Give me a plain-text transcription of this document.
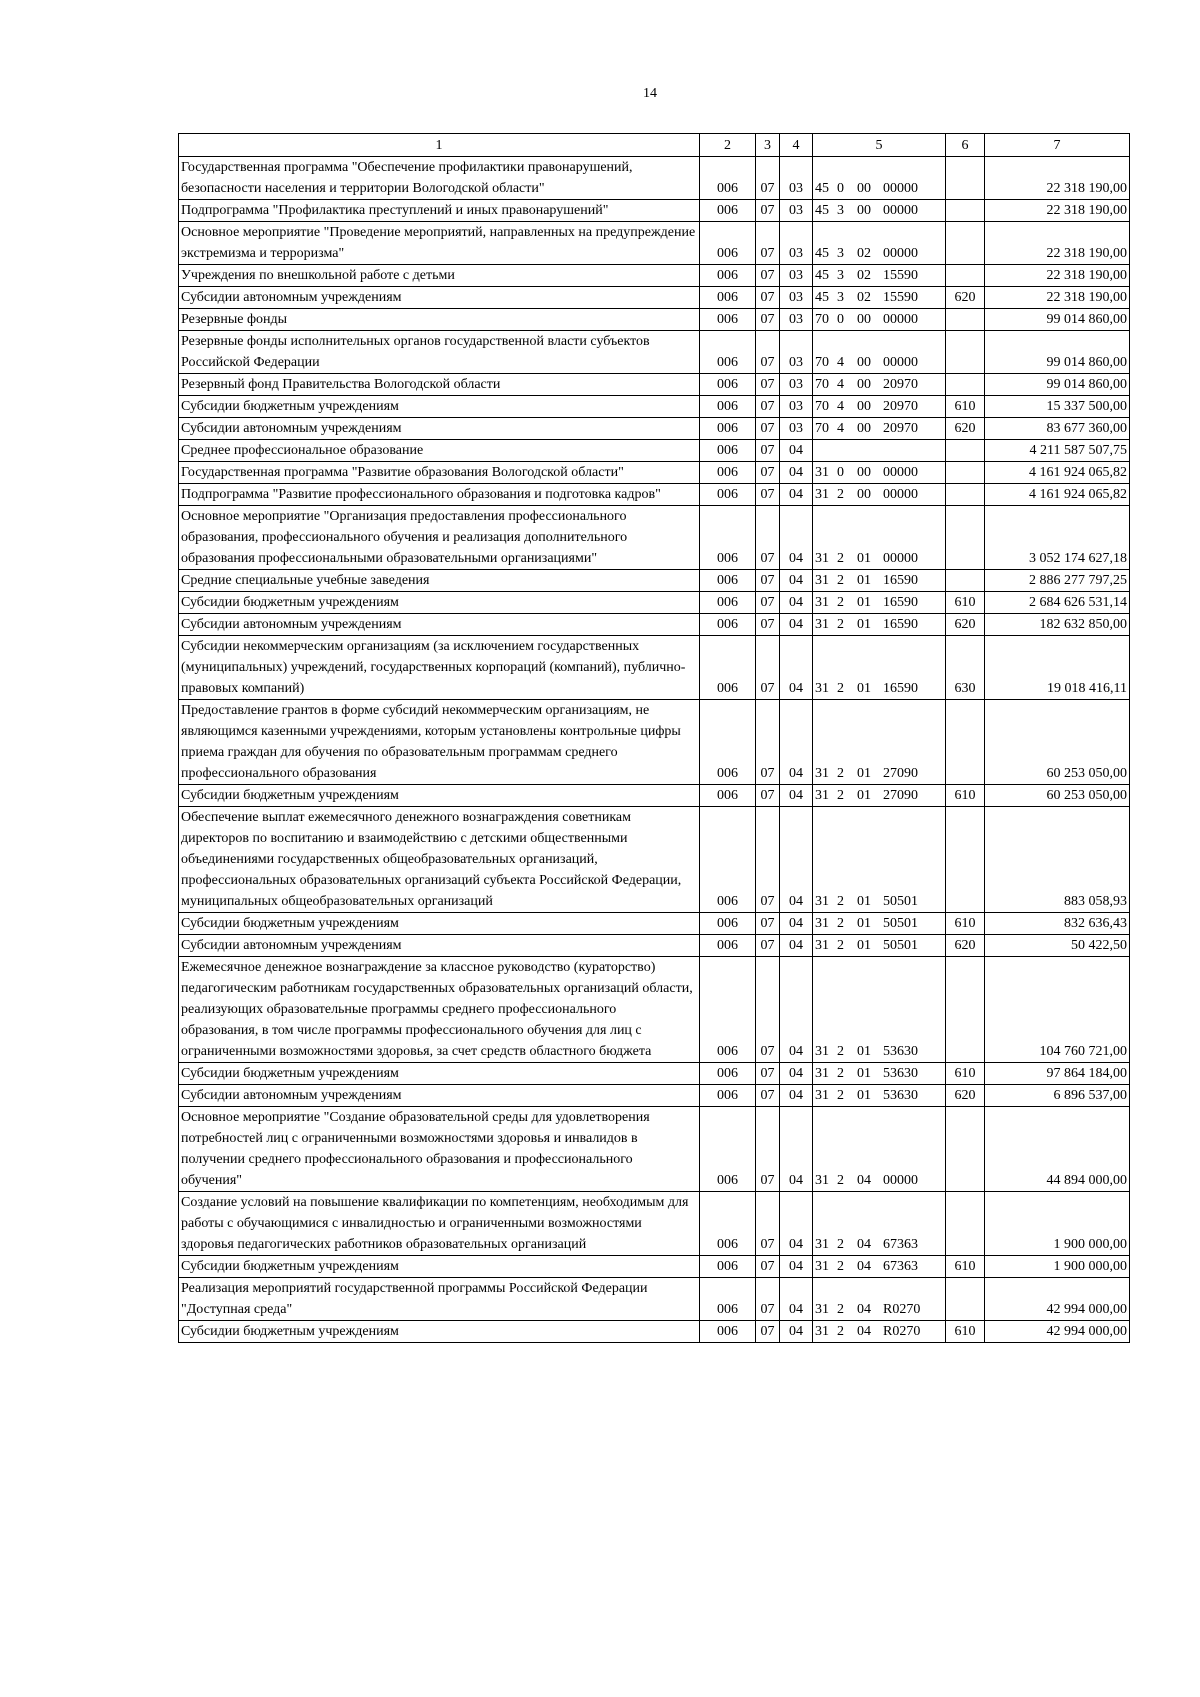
14
1	2	3	4	5	6	7
Государственная программа "Обеспечение профилактики правонарушений, безопасности населения и территории Вологодской области"	006	07	03	45 0 00 00000		22 318 190,00
Подпрограмма "Профилактика преступлений и иных правонарушений"	006	07	03	45 3 00 00000		22 318 190,00
Основное мероприятие "Проведение мероприятий, направленных на предупреждение экстремизма и терроризма"	006	07	03	45 3 02 00000		22 318 190,00
Учреждения по внешкольной работе с детьми	006	07	03	45 3 02 15590		22 318 190,00
Субсидии автономным учреждениям	006	07	03	45 3 02 15590	620	22 318 190,00
Резервные фонды	006	07	03	70 0 00 00000		99 014 860,00
Резервные фонды исполнительных органов государственной власти субъектов Российской Федерации	006	07	03	70 4 00 00000		99 014 860,00
Резервный фонд Правительства Вологодской области	006	07	03	70 4 00 20970		99 014 860,00
Субсидии бюджетным учреждениям	006	07	03	70 4 00 20970	610	15 337 500,00
Субсидии автономным учреждениям	006	07	03	70 4 00 20970	620	83 677 360,00
Среднее профессиональное образование	006	07	04			4 211 587 507,75
Государственная программа "Развитие образования Вологодской области"	006	07	04	31 0 00 00000		4 161 924 065,82
Подпрограмма "Развитие профессионального образования и подготовка кадров"	006	07	04	31 2 00 00000		4 161 924 065,82
Основное мероприятие "Организация предоставления профессионального образования, профессионального обучения и реализация дополнительного образования профессиональными образовательными организациями"	006	07	04	31 2 01 00000		3 052 174 627,18
Средние специальные учебные заведения	006	07	04	31 2 01 16590		2 886 277 797,25
Субсидии бюджетным учреждениям	006	07	04	31 2 01 16590	610	2 684 626 531,14
Субсидии автономным учреждениям	006	07	04	31 2 01 16590	620	182 632 850,00
Субсидии некоммерческим организациям (за исключением государственных (муниципальных) учреждений, государственных корпораций (компаний), публично-правовых компаний)	006	07	04	31 2 01 16590	630	19 018 416,11
Предоставление грантов в форме субсидий некоммерческим организациям, не являющимся казенными учреждениями, которым установлены контрольные цифры приема граждан для обучения по образовательным программам среднего профессионального образования	006	07	04	31 2 01 27090		60 253 050,00
Субсидии бюджетным учреждениям	006	07	04	31 2 01 27090	610	60 253 050,00
Обеспечение выплат ежемесячного денежного вознаграждения советникам директоров по воспитанию и взаимодействию с детскими общественными объединениями государственных общеобразовательных организаций, профессиональных образовательных организаций субъекта Российской Федерации, муниципальных общеобразовательных организаций	006	07	04	31 2 01 50501		883 058,93
Субсидии бюджетным учреждениям	006	07	04	31 2 01 50501	610	832 636,43
Субсидии автономным учреждениям	006	07	04	31 2 01 50501	620	50 422,50
Ежемесячное денежное вознаграждение за классное руководство (кураторство) педагогическим работникам государственных образовательных организаций области, реализующих образовательные программы среднего профессионального образования, в том числе программы профессионального обучения для лиц с ограниченными возможностями здоровья, за счет средств областного бюджета	006	07	04	31 2 01 53630		104 760 721,00
Субсидии бюджетным учреждениям	006	07	04	31 2 01 53630	610	97 864 184,00
Субсидии автономным учреждениям	006	07	04	31 2 01 53630	620	6 896 537,00
Основное мероприятие "Создание образовательной среды для удовлетворения потребностей лиц с ограниченными возможностями здоровья и инвалидов в получении среднего профессионального образования и профессионального обучения"	006	07	04	31 2 04 00000		44 894 000,00
Создание условий на повышение квалификации по компетенциям, необходимым для работы с обучающимися с инвалидностью и ограниченными возможностями здоровья педагогических работников образовательных организаций	006	07	04	31 2 04 67363		1 900 000,00
Субсидии бюджетным учреждениям	006	07	04	31 2 04 67363	610	1 900 000,00
Реализация мероприятий государственной программы Российской Федерации "Доступная среда"	006	07	04	31 2 04 R0270		42 994 000,00
Субсидии бюджетным учреждениям	006	07	04	31 2 04 R0270	610	42 994 000,00
